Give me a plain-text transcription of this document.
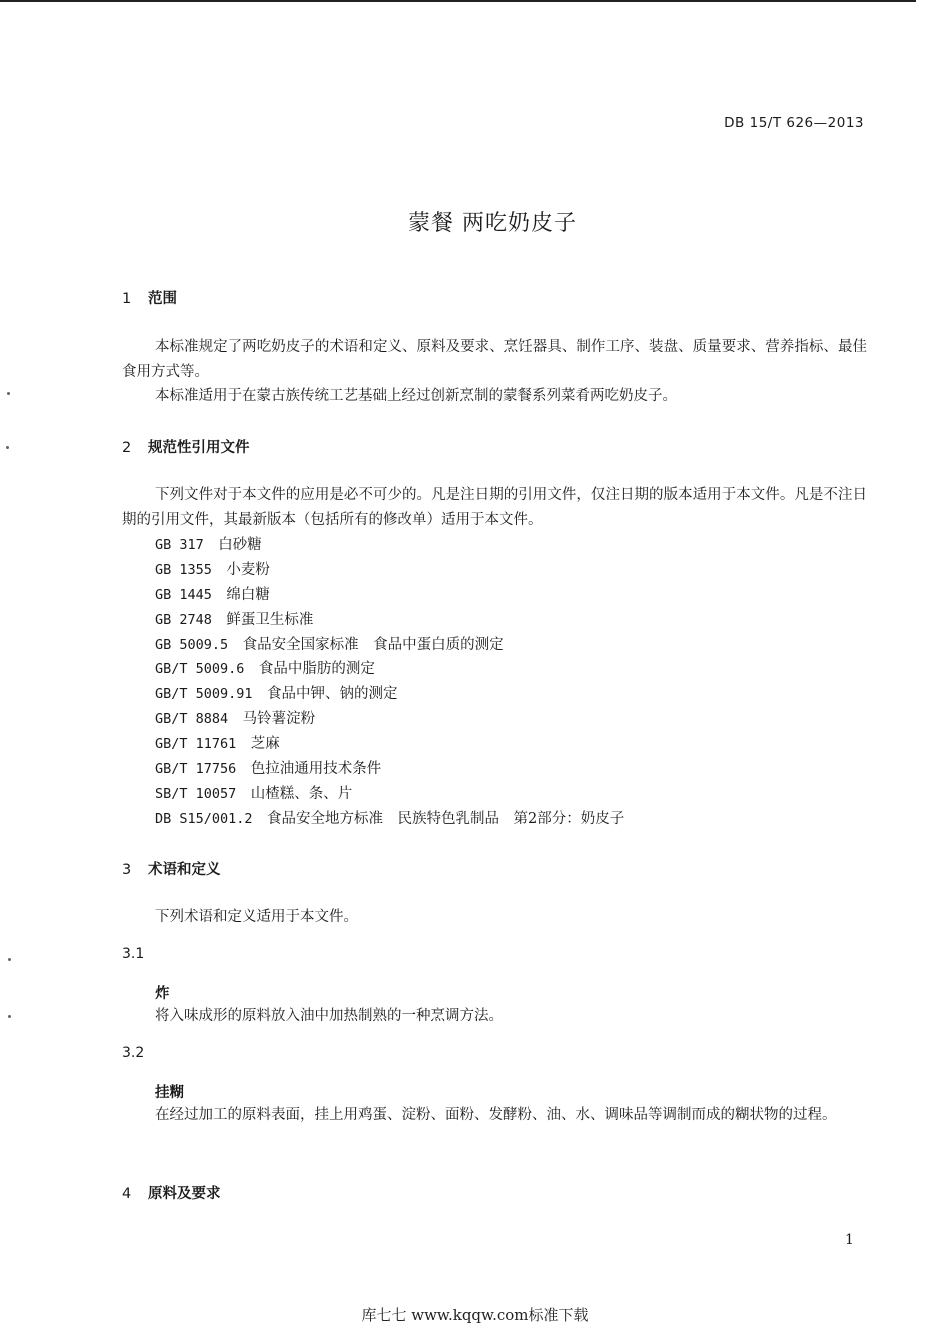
DB 15/T 626—2013
蒙餐 两吃奶皮子
1 范围

本标准规定了两吃奶皮子的术语和定义、原料及要求、烹饪器具、制作工序、装盘、质量要求、营养指标、最佳食用方式等。

本标准适用于在蒙古族传统工艺基础上经过创新烹制的蒙餐系列菜肴两吃奶皮子。

2 规范性引用文件

下列文件对于本文件的应用是必不可少的。凡是注日期的引用文件，仅注日期的版本适用于本文件。凡是不注日期的引用文件，其最新版本（包括所有的修改单）适用于本文件。

GB 317  白砂糖
GB 1355  小麦粉
GB 1445  绵白糖
GB 2748  鲜蛋卫生标准
GB 5009.5  食品安全国家标准　食品中蛋白质的测定
GB/T 5009.6  食品中脂肪的测定
GB/T 5009.91  食品中钾、钠的测定
GB/T 8884  马铃薯淀粉
GB/T 11761  芝麻
GB/T 17756  色拉油通用技术条件
SB/T 10057  山楂糕、条、片
DB S15/001.2  食品安全地方标准　民族特色乳制品　第2部分：奶皮子
3 术语和定义

下列术语和定义适用于本文件。

3.1
炸

将入味成形的原料放入油中加热制熟的一种烹调方法。

3.2
挂糊

在经过加工的原料表面，挂上用鸡蛋、淀粉、面粉、发酵粉、油、水、调味品等调制而成的糊状物的过程。

4 原料及要求
1
库七七 www.kqqw.com标准下载
